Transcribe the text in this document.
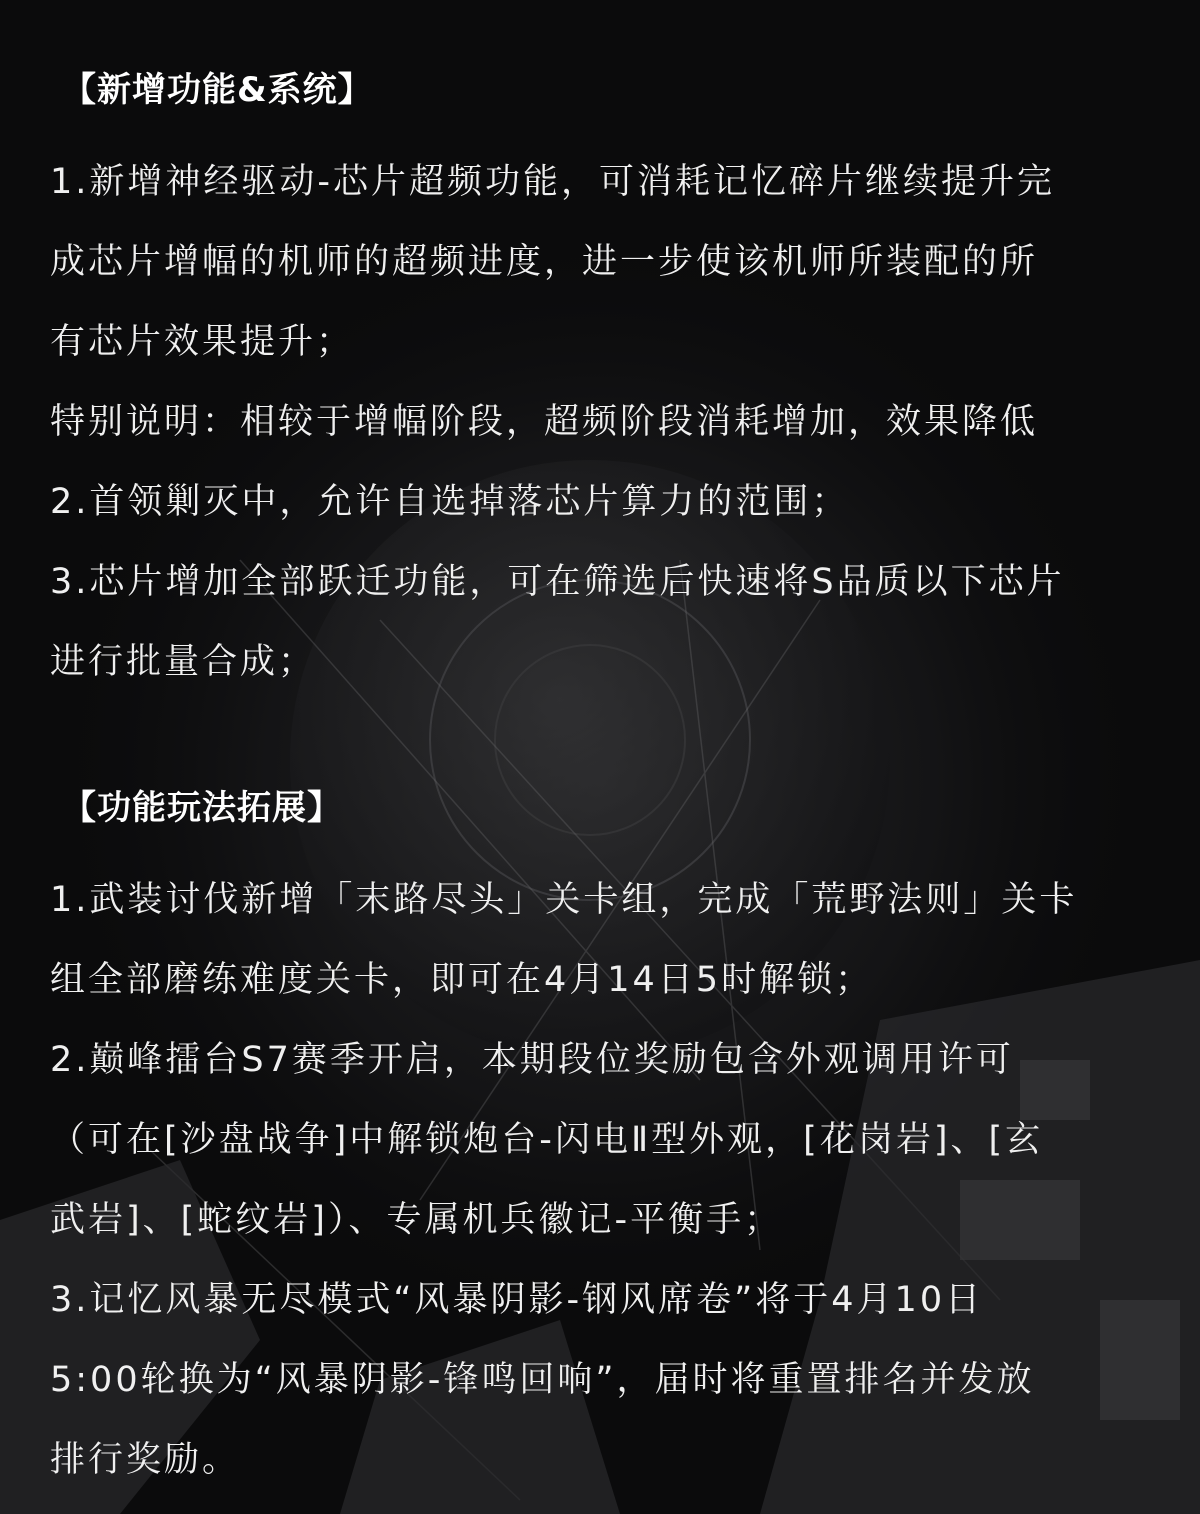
【新增功能&系统】

1.新增神经驱动-芯片超频功能，可消耗记忆碎片继续提升完

成芯片增幅的机师的超频进度，进一步使该机师所装配的所

有芯片效果提升；

特别说明：相较于增幅阶段，超频阶段消耗增加，效果降低

2.首领剿灭中，允许自选掉落芯片算力的范围；

3.芯片增加全部跃迁功能，可在筛选后快速将S品质以下芯片

进行批量合成；

【功能玩法拓展】

1.武装讨伐新增「末路尽头」关卡组，完成「荒野法则」关卡

组全部磨练难度关卡，即可在4月14日5时解锁；

2.巅峰擂台S7赛季开启，本期段位奖励包含外观调用许可

（可在[沙盘战争]中解锁炮台-闪电Ⅱ型外观，[花岗岩]、[玄

武岩]、[蛇纹岩]）、专属机兵徽记-平衡手；

3.记忆风暴无尽模式“风暴阴影-钢风席卷”将于4月10日

5:00轮换为“风暴阴影-锋鸣回响”，届时将重置排名并发放

排行奖励。
